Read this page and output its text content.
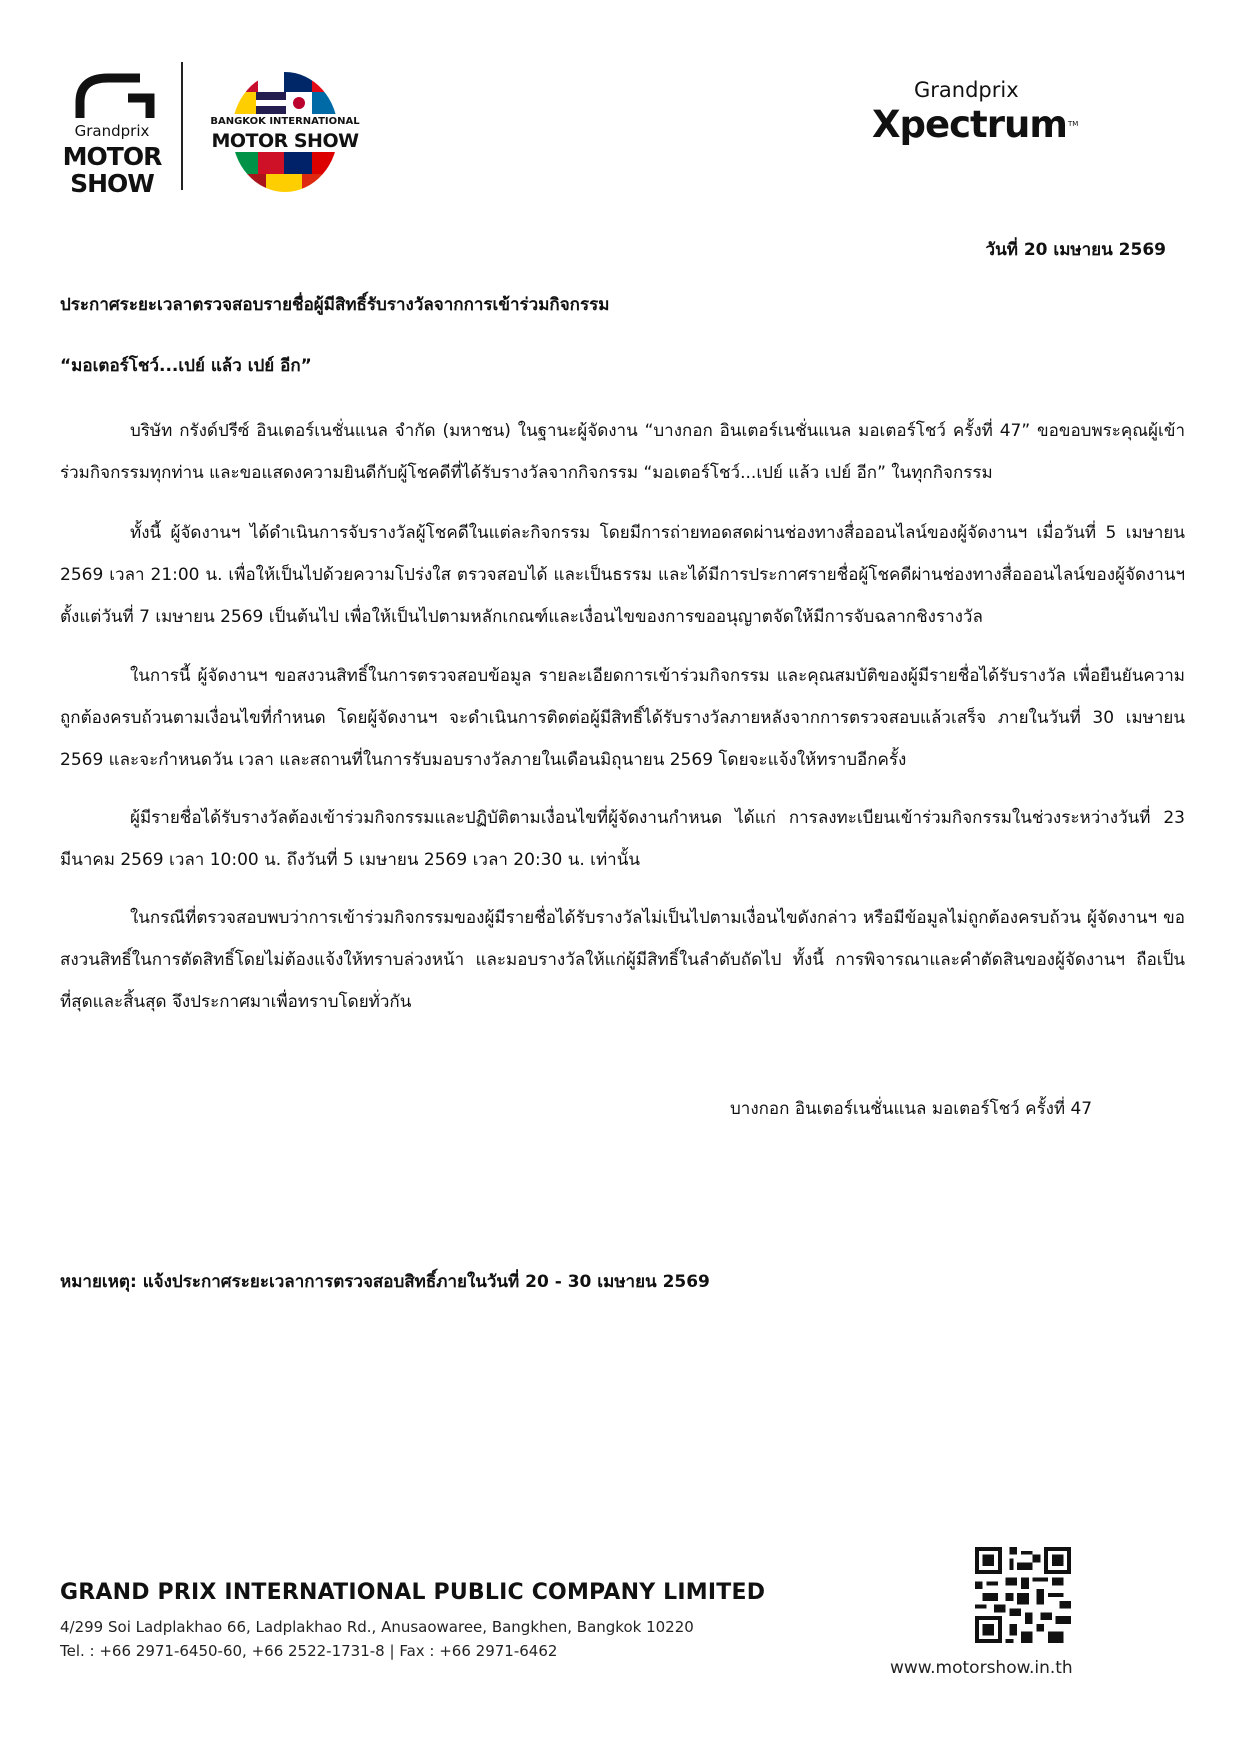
Grandprix
MOTOR
SHOW
BANGKOK INTERNATIONAL
MOTOR SHOW
Grandprix
Xpectrum TM
วันที่ 20 เมษายน 2569
ประกาศระยะเวลาตรวจสอบรายชื่อผู้มีสิทธิ์รับรางวัลจากการเข้าร่วมกิจกรรม
“มอเตอร์โชว์...เปย์ แล้ว เปย์ อีก”

บริษัท กรังด์ปรีซ์ อินเตอร์เนชั่นแนล จำกัด (มหาชน) ในฐานะผู้จัดงาน “บางกอก อินเตอร์เนชั่นแนล มอเตอร์โชว์ ครั้งที่ 47” ขอขอบพระคุณผู้เข้าร่วมกิจกรรมทุกท่าน และขอแสดงความยินดีกับผู้โชคดีที่ได้รับรางวัลจากกิจกรรม “มอเตอร์โชว์...เปย์ แล้ว เปย์ อีก” ในทุกกิจกรรม

ทั้งนี้ ผู้จัดงานฯ ได้ดำเนินการจับรางวัลผู้โชคดีในแต่ละกิจกรรม โดยมีการถ่ายทอดสดผ่านช่องทางสื่อออนไลน์ของผู้จัดงานฯ เมื่อวันที่ 5 เมษายน 2569 เวลา 21:00 น. เพื่อให้เป็นไปด้วยความโปร่งใส ตรวจสอบได้ และเป็นธรรม และได้มีการประกาศรายชื่อผู้โชคดีผ่านช่องทางสื่อออนไลน์ของผู้จัดงานฯ ตั้งแต่วันที่ 7 เมษายน 2569 เป็นต้นไป เพื่อให้เป็นไปตามหลักเกณฑ์และเงื่อนไขของการขออนุญาตจัดให้มีการจับฉลากชิงรางวัล

ในการนี้ ผู้จัดงานฯ ขอสงวนสิทธิ์ในการตรวจสอบข้อมูล รายละเอียดการเข้าร่วมกิจกรรม และคุณสมบัติของผู้มีรายชื่อได้รับรางวัล เพื่อยืนยันความถูกต้องครบถ้วนตามเงื่อนไขที่กำหนด โดยผู้จัดงานฯ จะดำเนินการติดต่อผู้มีสิทธิ์ได้รับรางวัลภายหลังจากการตรวจสอบแล้วเสร็จ ภายในวันที่ 30 เมษายน 2569 และจะกำหนดวัน เวลา และสถานที่ในการรับมอบรางวัลภายในเดือนมิถุนายน 2569 โดยจะแจ้งให้ทราบอีกครั้ง

ผู้มีรายชื่อได้รับรางวัลต้องเข้าร่วมกิจกรรมและปฏิบัติตามเงื่อนไขที่ผู้จัดงานกำหนด ได้แก่ การลงทะเบียนเข้าร่วมกิจกรรมในช่วงระหว่างวันที่ 23 มีนาคม 2569 เวลา 10:00 น. ถึงวันที่ 5 เมษายน 2569 เวลา 20:30 น. เท่านั้น

ในกรณีที่ตรวจสอบพบว่าการเข้าร่วมกิจกรรมของผู้มีรายชื่อได้รับรางวัลไม่เป็นไปตามเงื่อนไขดังกล่าว หรือมีข้อมูลไม่ถูกต้องครบถ้วน ผู้จัดงานฯ ขอสงวนสิทธิ์ในการตัดสิทธิ์โดยไม่ต้องแจ้งให้ทราบล่วงหน้า และมอบรางวัลให้แก่ผู้มีสิทธิ์ในลำดับถัดไป ทั้งนี้ การพิจารณาและคำตัดสินของผู้จัดงานฯ ถือเป็นที่สุดและสิ้นสุด จึงประกาศมาเพื่อทราบโดยทั่วกัน

บางกอก อินเตอร์เนชั่นแนล มอเตอร์โชว์ ครั้งที่ 47
หมายเหตุ: แจ้งประกาศระยะเวลาการตรวจสอบสิทธิ์ภายในวันที่ 20 - 30 เมษายน 2569
GRAND PRIX INTERNATIONAL PUBLIC COMPANY LIMITED
4/299 Soi Ladplakhao 66, Ladplakhao Rd., Anusaowaree, Bangkhen, Bangkok 10220
Tel. : +66 2971-6450-60, +66 2522-1731-8 | Fax : +66 2971-6462
www.motorshow.in.th
